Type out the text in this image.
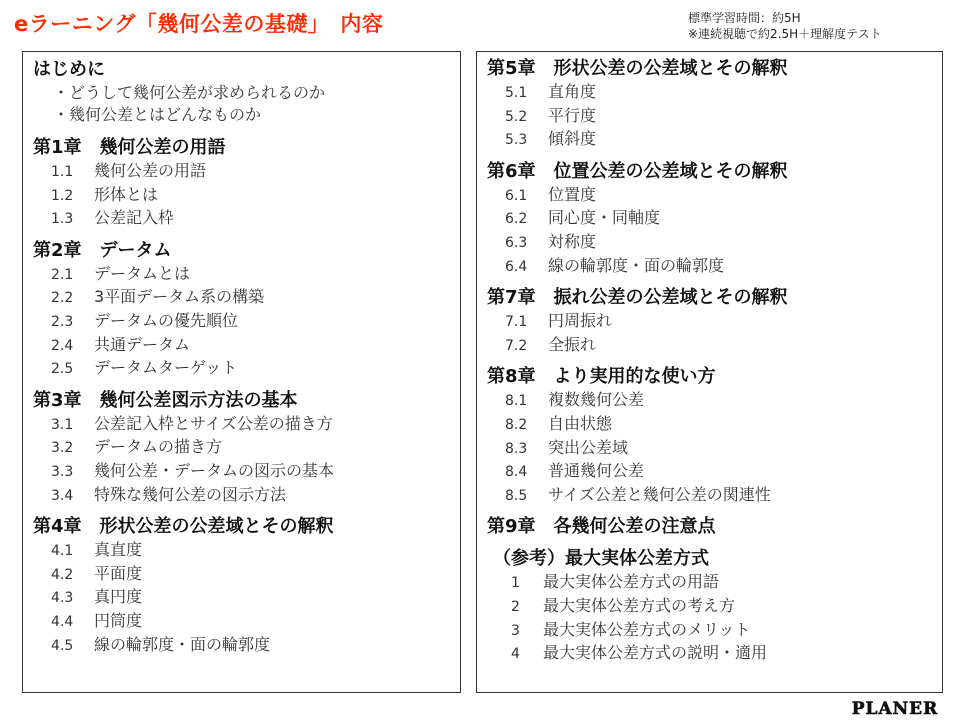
eラーニング「幾何公差の基礎」　内容	標準学習時間：約5H
※連続視聴で約2.5H＋理解度テスト
はじめに
・どうして幾何公差が求められるのか
・幾何公差とはどんなものか
第1章　幾何公差の用語
1.1 幾何公差の用語
1.2 形体とは
1.3 公差記入枠
第2章　データム
2.1 データムとは
2.2 3平面データム系の構築
2.3 データムの優先順位
2.4 共通データム
2.5 データムターゲット
第3章　幾何公差図示方法の基本
3.1 公差記入枠とサイズ公差の描き方
3.2 データムの描き方
3.3 幾何公差・データムの図示の基本
3.4 特殊な幾何公差の図示方法
第4章　形状公差の公差域とその解釈
4.1 真直度
4.2 平面度
4.3 真円度
4.4 円筒度
4.5 線の輪郭度・面の輪郭度
第5章　形状公差の公差域とその解釈
5.1 直角度
5.2 平行度
5.3 傾斜度
第6章　位置公差の公差域とその解釈
6.1 位置度
6.2 同心度・同軸度
6.3 対称度
6.4 線の輪郭度・面の輪郭度
第7章　振れ公差の公差域とその解釈
7.1 円周振れ
7.2 全振れ
第8章　より実用的な使い方
8.1 複数幾何公差
8.2 自由状態
8.3 突出公差域
8.4 普通幾何公差
8.5 サイズ公差と幾何公差の関連性
第9章　各幾何公差の注意点
（参考）最大実体公差方式
1 最大実体公差方式の用語
2 最大実体公差方式の考え方
3 最大実体公差方式のメリット
4 最大実体公差方式の説明・適用
PLANER
